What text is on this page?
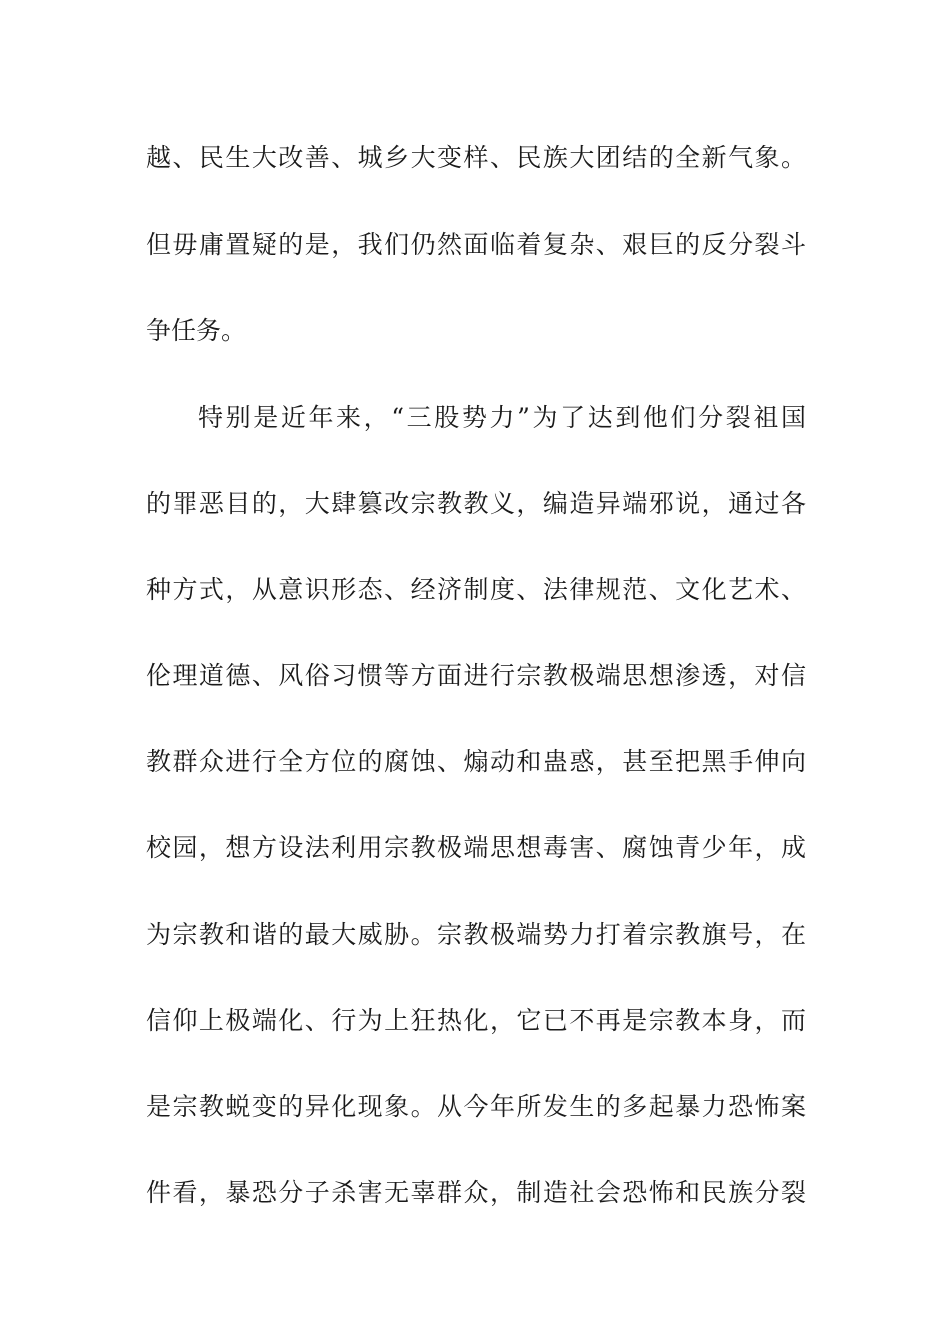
越、民生大改善、城乡大变样、民族大团结的全新气象。
但毋庸置疑的是，我们仍然面临着复杂、艰巨的反分裂斗
争任务。
特别是近年来，“三股势力”为了达到他们分裂祖国
的罪恶目的，大肆篡改宗教教义，编造异端邪说，通过各
种方式，从意识形态、经济制度、法律规范、文化艺术、
伦理道德、风俗习惯等方面进行宗教极端思想渗透，对信
教群众进行全方位的腐蚀、煽动和蛊惑，甚至把黑手伸向
校园，想方设法利用宗教极端思想毒害、腐蚀青少年，成
为宗教和谐的最大威胁。宗教极端势力打着宗教旗号，在
信仰上极端化、行为上狂热化，它已不再是宗教本身，而
是宗教蜕变的异化现象。从今年所发生的多起暴力恐怖案
件看，暴恐分子杀害无辜群众，制造社会恐怖和民族分裂
